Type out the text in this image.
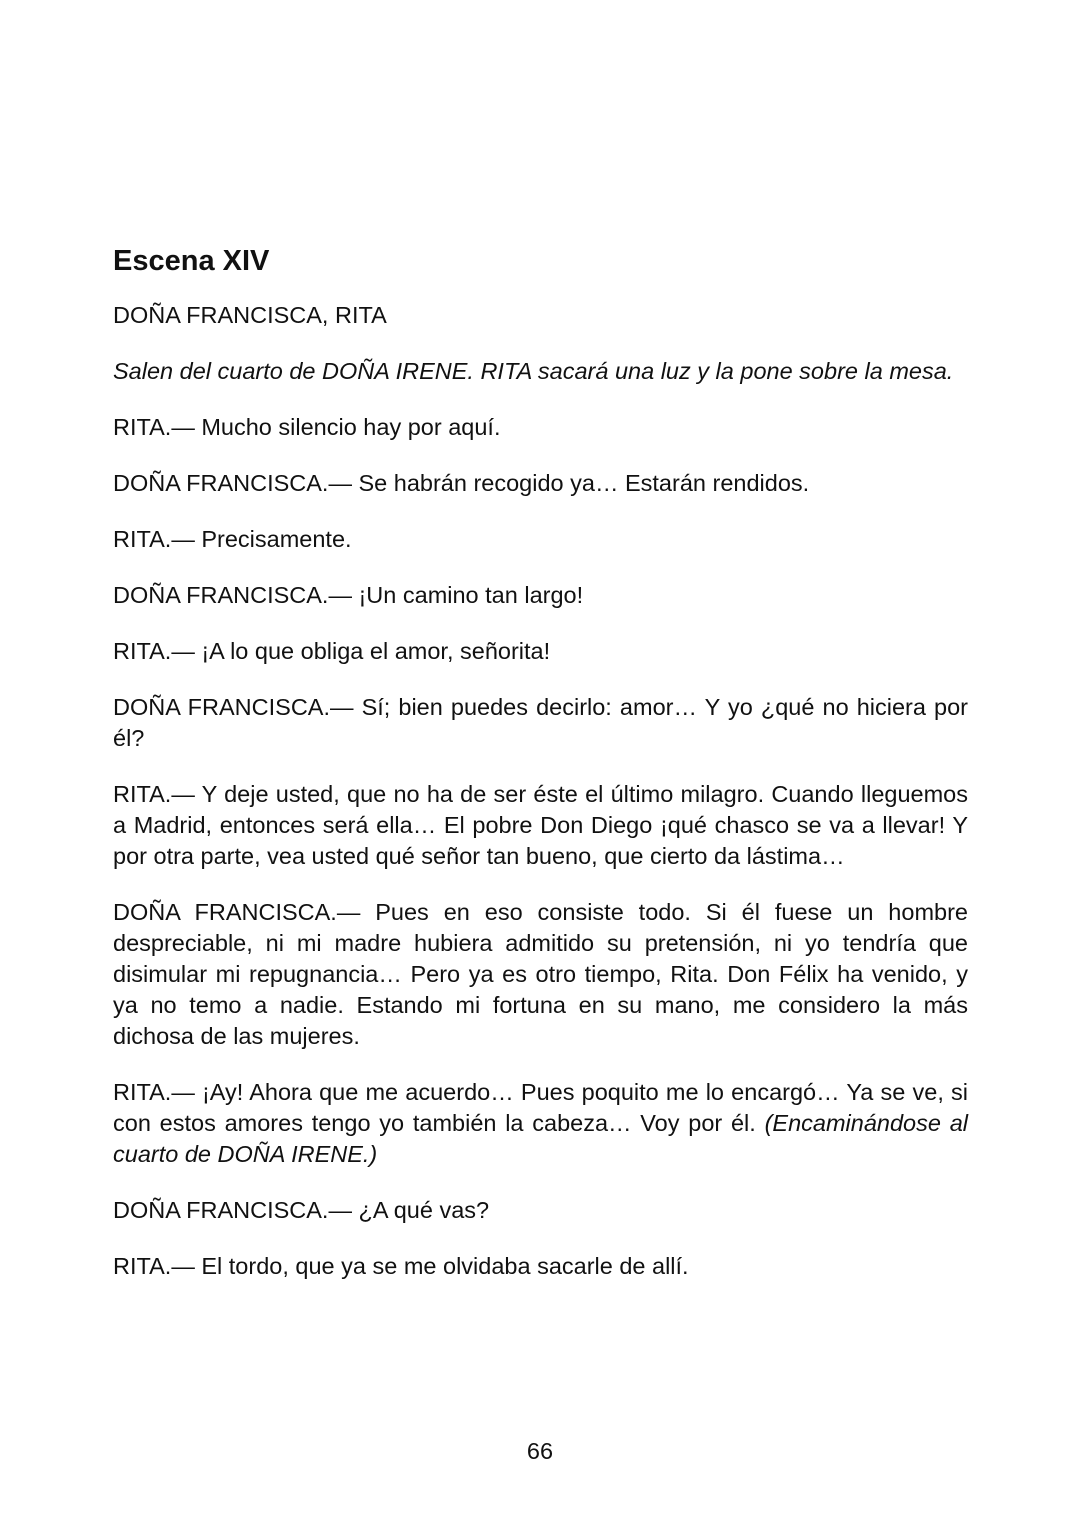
Escena XIV

DOÑA FRANCISCA, RITA

Salen del cuarto de DOÑA IRENE. RITA sacará una luz y la pone sobre la mesa.

RITA.— Mucho silencio hay por aquí.

DOÑA FRANCISCA.— Se habrán recogido ya… Estarán rendidos.

RITA.— Precisamente.

DOÑA FRANCISCA.— ¡Un camino tan largo!

RITA.— ¡A lo que obliga el amor, señorita!

DOÑA FRANCISCA.— Sí; bien puedes decirlo: amor… Y yo ¿qué no hiciera por él?

RITA.— Y deje usted, que no ha de ser éste el último milagro. Cuando lleguemos a Madrid, entonces será ella… El pobre Don Diego ¡qué chasco se va a llevar! Y por otra parte, vea usted qué señor tan bueno, que cierto da lástima…

DOÑA FRANCISCA.— Pues en eso consiste todo. Si él fuese un hombre despreciable, ni mi madre hubiera admitido su pretensión, ni yo tendría que disimular mi repugnancia… Pero ya es otro tiempo, Rita. Don Félix ha venido, y ya no temo a nadie. Estando mi fortuna en su mano, me considero la más dichosa de las mujeres.

RITA.— ¡Ay! Ahora que me acuerdo… Pues poquito me lo encargó… Ya se ve, si con estos amores tengo yo también la cabeza… Voy por él. (Encaminándose al cuarto de DOÑA IRENE.)

DOÑA FRANCISCA.— ¿A qué vas?

RITA.— El tordo, que ya se me olvidaba sacarle de allí.

66
